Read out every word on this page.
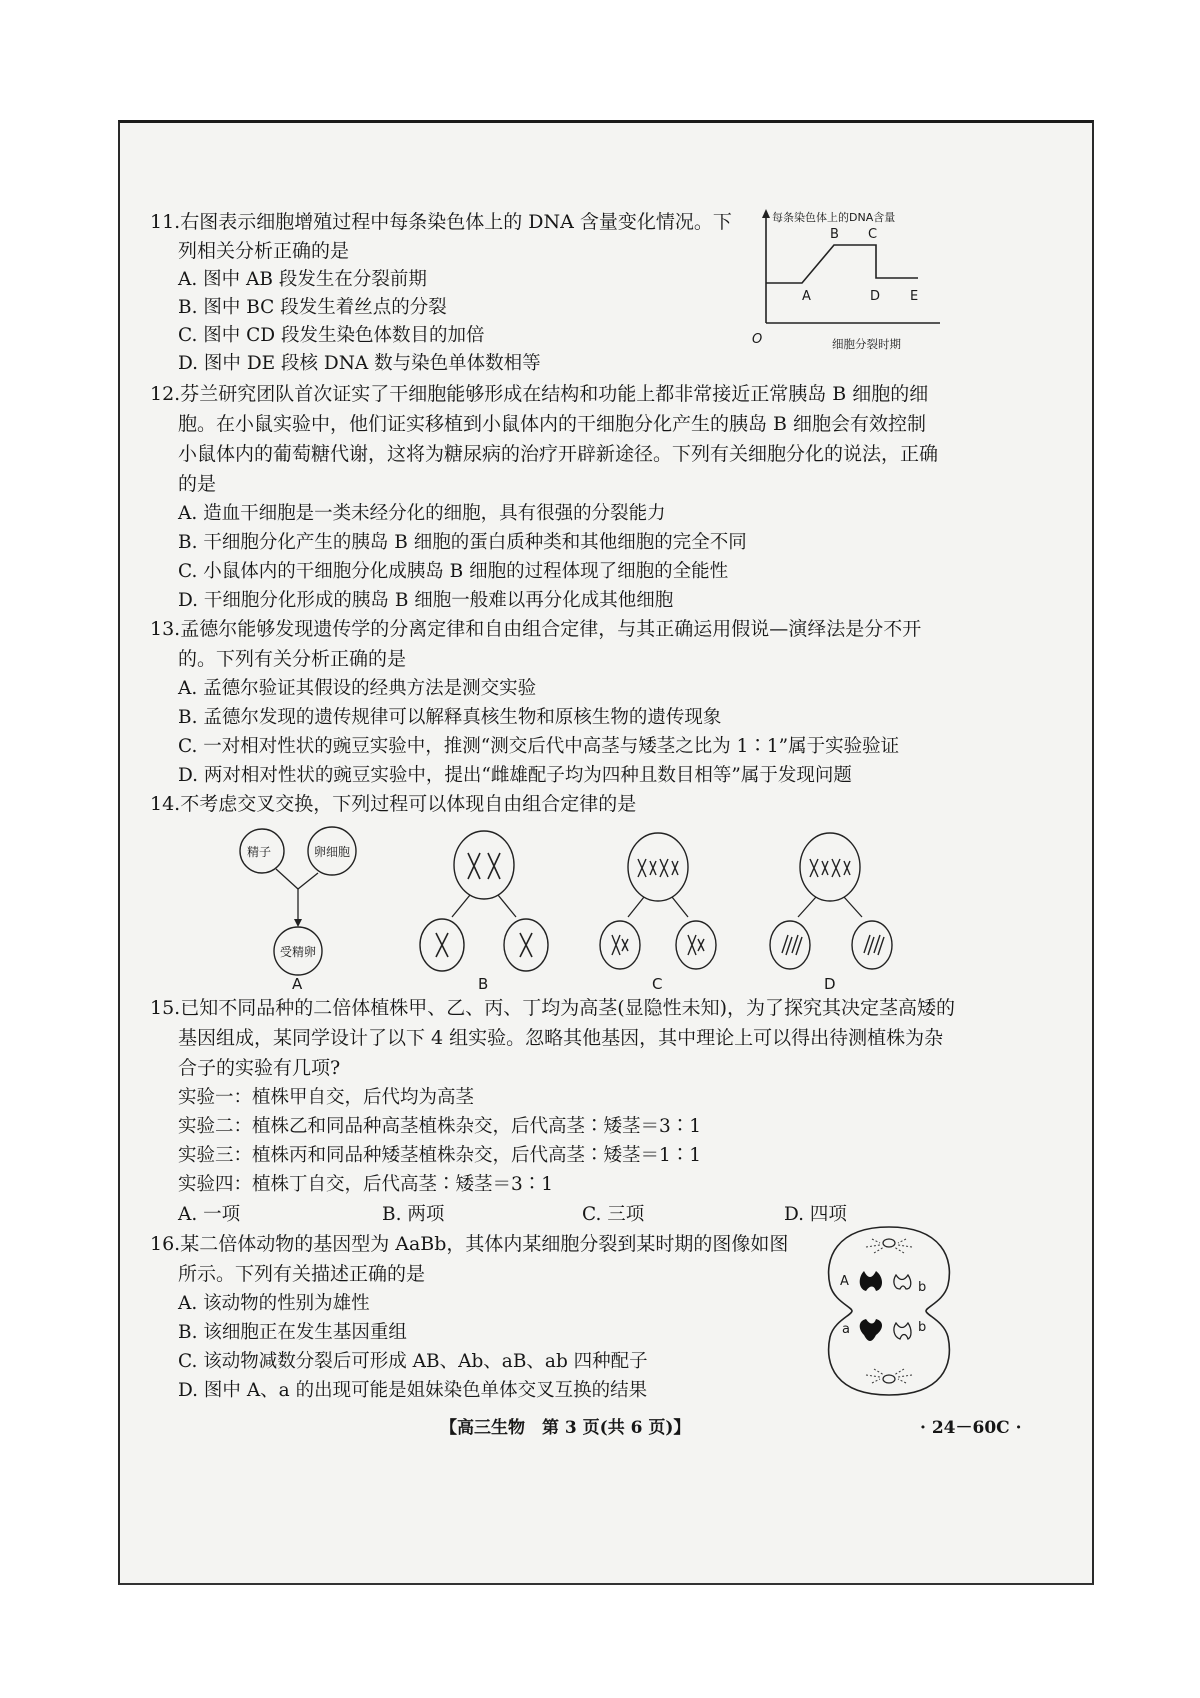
11.右图表示细胞增殖过程中每条染色体上的 DNA 含量变化情况。下
列相关分析正确的是
A. 图中 AB 段发生在分裂前期
B. 图中 BC 段发生着丝点的分裂
C. 图中 CD 段发生染色体数目的加倍
D. 图中 DE 段核 DNA 数与染色单体数相等
每条染色体上的DNA含量
细胞分裂时期
O
A
B C
D E
12.芬兰研究团队首次证实了干细胞能够形成在结构和功能上都非常接近正常胰岛 B 细胞的细
胞。在小鼠实验中，他们证实移植到小鼠体内的干细胞分化产生的胰岛 B 细胞会有效控制
小鼠体内的葡萄糖代谢，这将为糖尿病的治疗开辟新途径。下列有关细胞分化的说法，正确
的是
A. 造血干细胞是一类未经分化的细胞，具有很强的分裂能力
B. 干细胞分化产生的胰岛 B 细胞的蛋白质种类和其他细胞的完全不同
C. 小鼠体内的干细胞分化成胰岛 B 细胞的过程体现了细胞的全能性
D. 干细胞分化形成的胰岛 B 细胞一般难以再分化成其他细胞
13.孟德尔能够发现遗传学的分离定律和自由组合定律，与其正确运用假说—演绎法是分不开
的。下列有关分析正确的是
A. 孟德尔验证其假设的经典方法是测交实验
B. 孟德尔发现的遗传规律可以解释真核生物和原核生物的遗传现象
C. 一对相对性状的豌豆实验中，推测“测交后代中高茎与矮茎之比为 1∶1”属于实验验证
D. 两对相对性状的豌豆实验中，提出“雌雄配子均为四种且数目相等”属于发现问题
14.不考虑交叉交换，下列过程可以体现自由组合定律的是
精子	卵细胞
受精卵
A	B	C	D
15.已知不同品种的二倍体植株甲、乙、丙、丁均为高茎(显隐性未知)，为了探究其决定茎高矮的
基因组成，某同学设计了以下 4 组实验。忽略其他基因，其中理论上可以得出待测植株为杂
合子的实验有几项?
实验一：植株甲自交，后代均为高茎
实验二：植株乙和同品种高茎植株杂交，后代高茎∶矮茎＝3∶1
实验三：植株丙和同品种矮茎植株杂交，后代高茎∶矮茎＝1∶1
实验四：植株丁自交，后代高茎∶矮茎＝3∶1
A. 一项	B. 两项	C. 三项	D. 四项
16.某二倍体动物的基因型为 AaBb，其体内某细胞分裂到某时期的图像如图
所示。下列有关描述正确的是
A. 该动物的性别为雄性
B. 该细胞正在发生基因重组
C. 该动物减数分裂后可形成 AB、Ab、aB、ab 四种配子
D. 图中 A、a 的出现可能是姐妹染色单体交叉互换的结果
A	b
a	b
【高三生物　第 3 页(共 6 页)】	· 24－60C ·
